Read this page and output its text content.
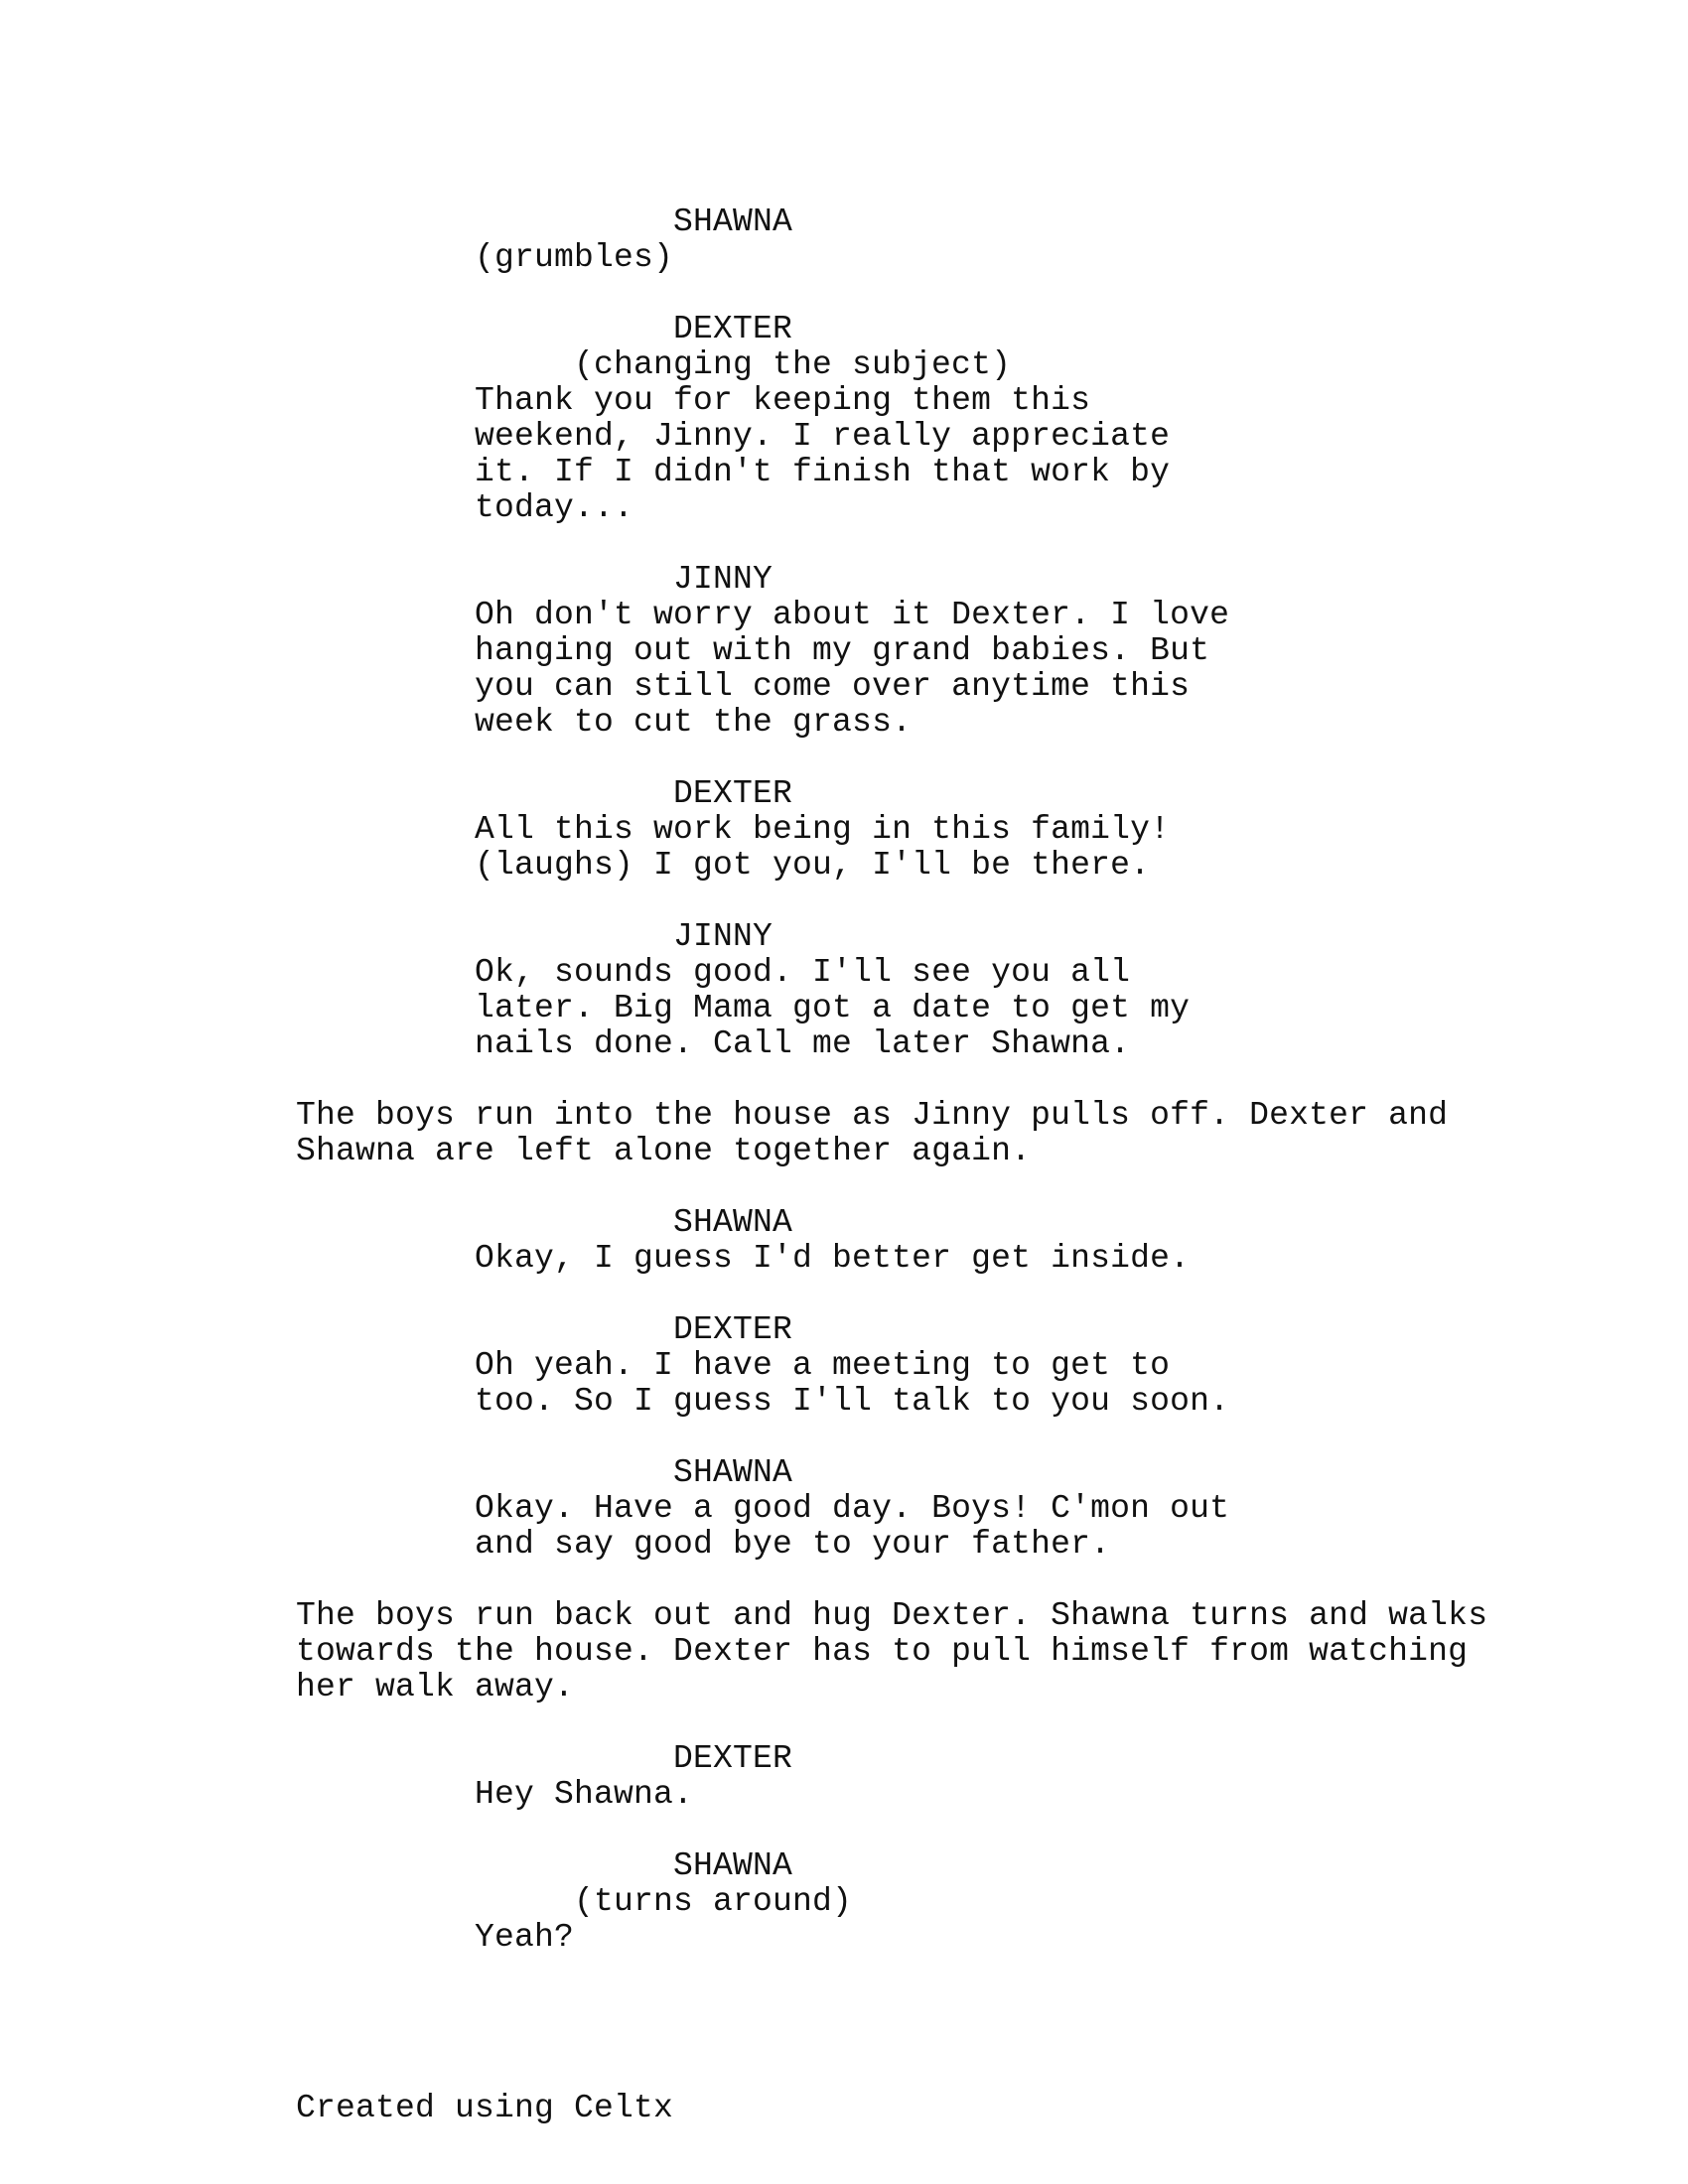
SHAWNA
(grumbles)
DEXTER
(changing the subject)
Thank you for keeping them this
weekend, Jinny. I really appreciate
it. If I didn't finish that work by
today...
JINNY
Oh don't worry about it Dexter. I love
hanging out with my grand babies. But
you can still come over anytime this
week to cut the grass.
DEXTER
All this work being in this family!
(laughs) I got you, I'll be there.
JINNY
Ok, sounds good. I'll see you all
later. Big Mama got a date to get my
nails done. Call me later Shawna.
The boys run into the house as Jinny pulls off. Dexter and
Shawna are left alone together again.
SHAWNA
Okay, I guess I'd better get inside.
DEXTER
Oh yeah. I have a meeting to get to
too. So I guess I'll talk to you soon.
SHAWNA
Okay. Have a good day. Boys! C'mon out
and say good bye to your father.
The boys run back out and hug Dexter. Shawna turns and walks
towards the house. Dexter has to pull himself from watching
her walk away.
DEXTER
Hey Shawna.
SHAWNA
(turns around)
Yeah?
Created using Celtx
